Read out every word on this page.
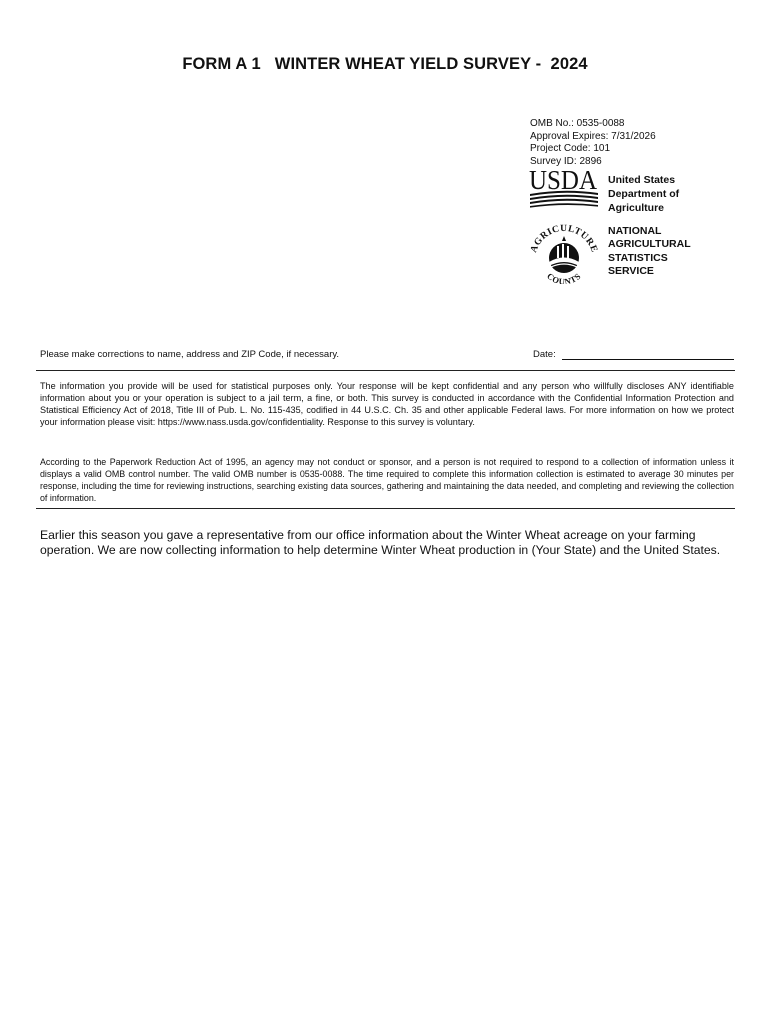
FORM A 1   WINTER WHEAT YIELD SURVEY -  2024
OMB No.: 0535-0088
Approval Expires: 7/31/2026
Project Code: 101
Survey ID: 2896
USDA United States
Department of
Agriculture
AGRICULTURE
COUNTS
NATIONAL
AGRICULTURAL
STATISTICS
SERVICE
Please make corrections to name, address and ZIP Code, if necessary.	Date:
The information you provide will be used for statistical purposes only. Your response will be kept confidential and any person who willfully discloses ANY identifiable information about you or your operation is subject to a jail term, a fine, or both. This survey is conducted in accordance with the Confidential Information Protection and Statistical Efficiency Act of 2018, Title III of Pub. L. No. 115-435, codified in 44 U.S.C. Ch. 35 and other applicable Federal laws. For more information on how we protect your information please visit: https://www.nass.usda.gov/confidentiality. Response to this survey is voluntary.
According to the Paperwork Reduction Act of 1995, an agency may not conduct or sponsor, and a person is not required to respond to a collection of information unless it displays a valid OMB control number. The valid OMB number is 0535-0088. The time required to complete this information collection is estimated to average 30 minutes per response, including the time for reviewing instructions, searching existing data sources, gathering and maintaining the data needed, and completing and reviewing the collection of information.
Earlier this season you gave a representative from our office information about the Winter Wheat acreage on your farming operation. We are now collecting information to help determine Winter Wheat production in (Your State) and the United States.
